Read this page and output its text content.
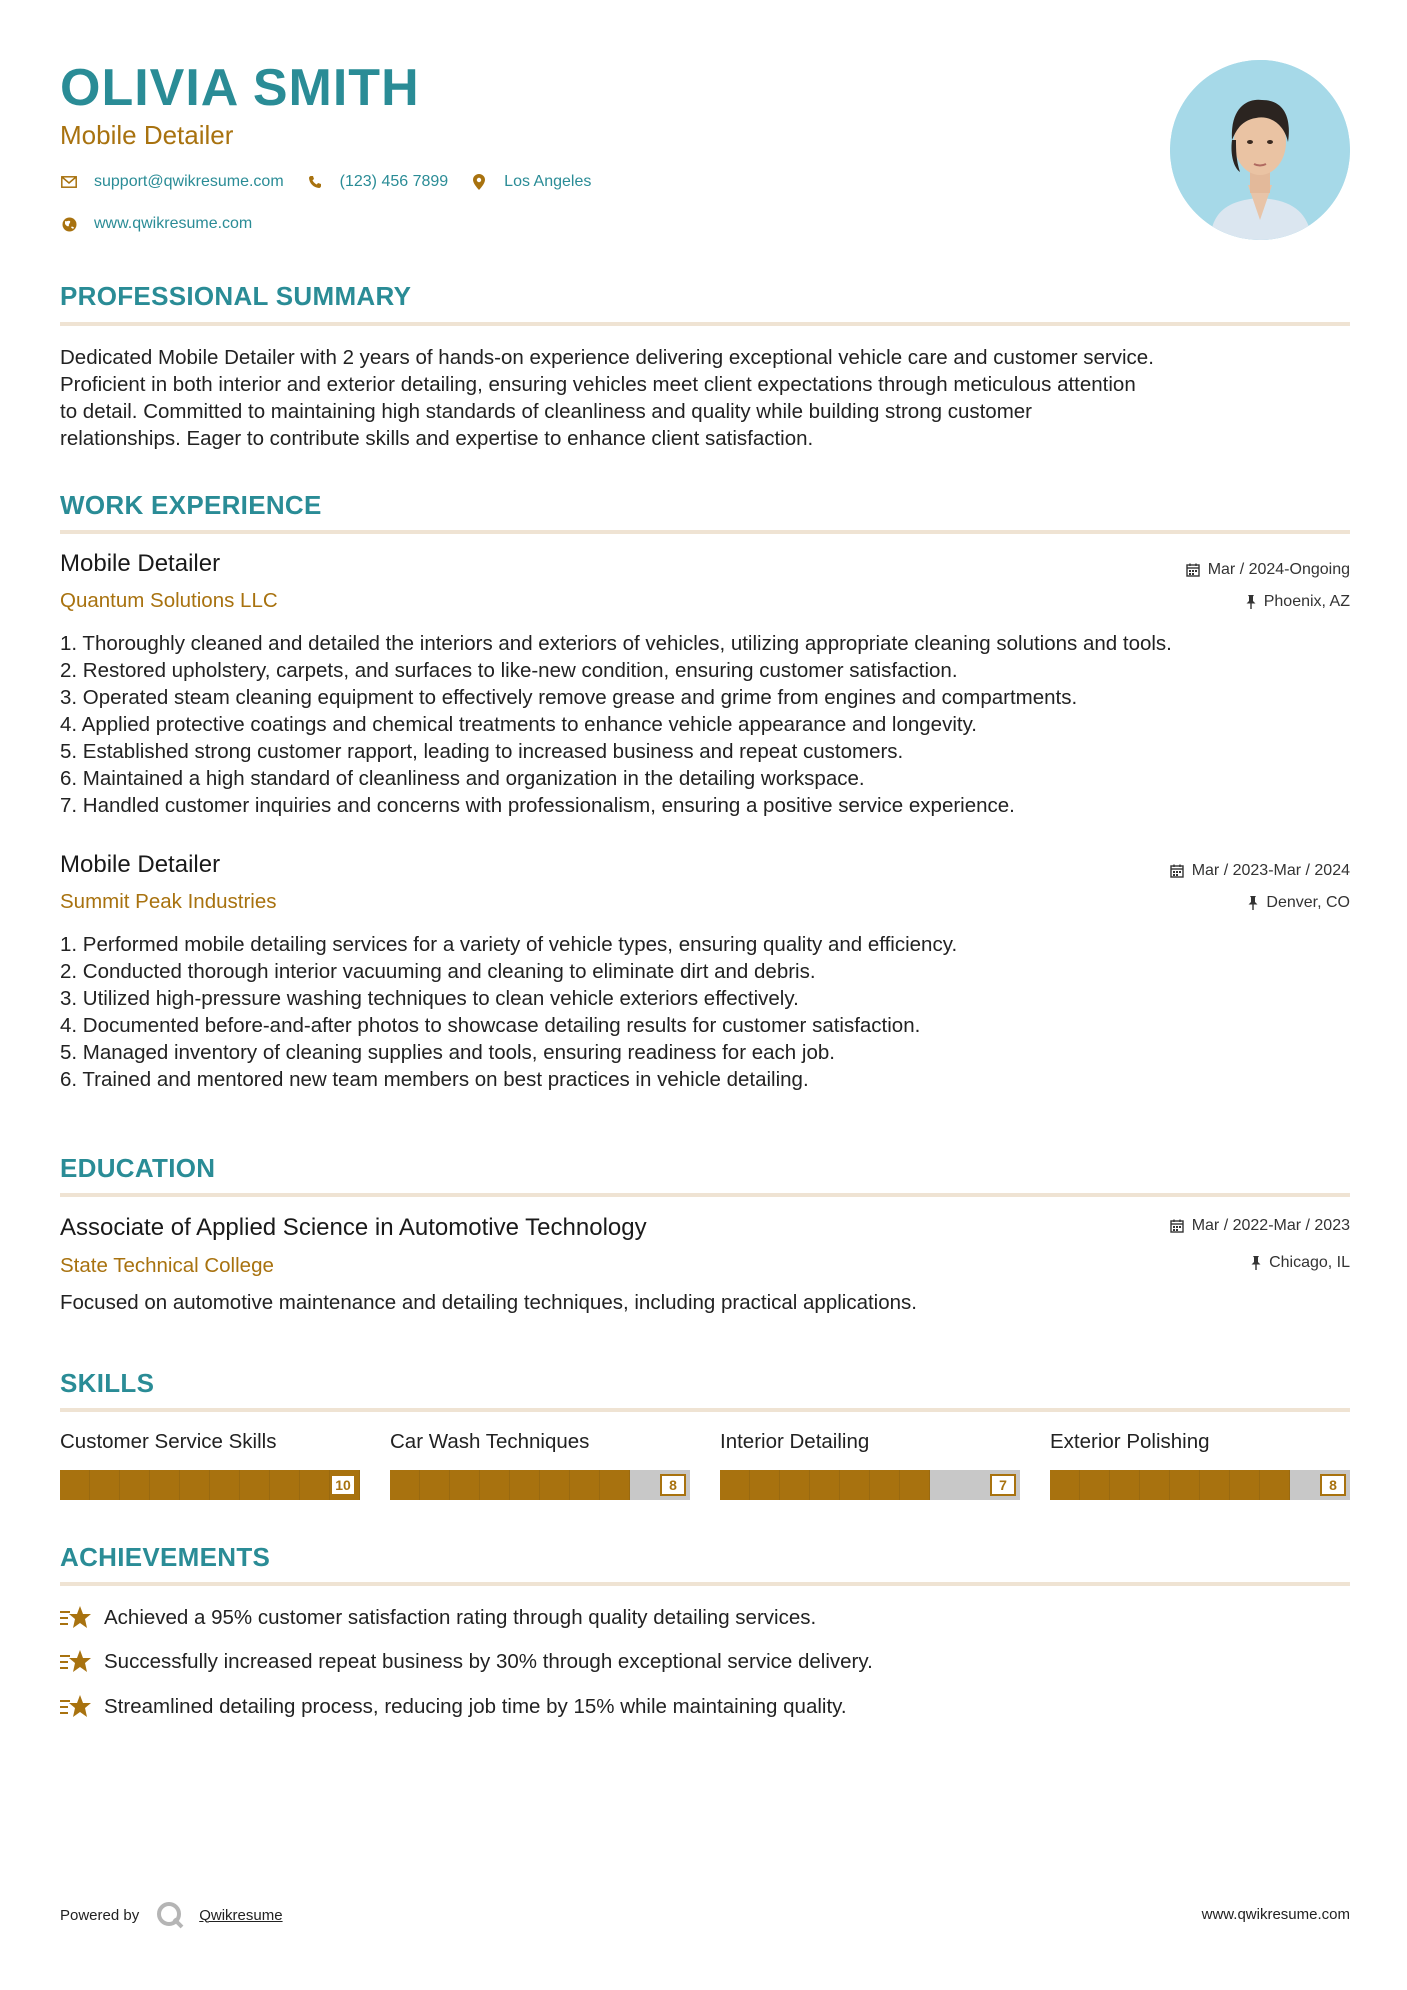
OLIVIA SMITH
Mobile Detailer
support@qwikresume.com	(123) 456 7899	Los Angeles
www.qwikresume.com
PROFESSIONAL SUMMARY
Dedicated Mobile Detailer with 2 years of hands-on experience delivering exceptional vehicle care and customer service.
Proficient in both interior and exterior detailing, ensuring vehicles meet client expectations through meticulous attention
to detail. Committed to maintaining high standards of cleanliness and quality while building strong customer
relationships. Eager to contribute skills and expertise to enhance client satisfaction.
WORK EXPERIENCE
Mobile Detailer	Mar / 2024-Ongoing
Quantum Solutions LLC	Phoenix, AZ
1. Thoroughly cleaned and detailed the interiors and exteriors of vehicles, utilizing appropriate cleaning solutions and tools.
2. Restored upholstery, carpets, and surfaces to like-new condition, ensuring customer satisfaction.
3. Operated steam cleaning equipment to effectively remove grease and grime from engines and compartments.
4. Applied protective coatings and chemical treatments to enhance vehicle appearance and longevity.
5. Established strong customer rapport, leading to increased business and repeat customers.
6. Maintained a high standard of cleanliness and organization in the detailing workspace.
7. Handled customer inquiries and concerns with professionalism, ensuring a positive service experience.
Mobile Detailer	Mar / 2023-Mar / 2024
Summit Peak Industries	Denver, CO
1. Performed mobile detailing services for a variety of vehicle types, ensuring quality and efficiency.
2. Conducted thorough interior vacuuming and cleaning to eliminate dirt and debris.
3. Utilized high-pressure washing techniques to clean vehicle exteriors effectively.
4. Documented before-and-after photos to showcase detailing results for customer satisfaction.
5. Managed inventory of cleaning supplies and tools, ensuring readiness for each job.
6. Trained and mentored new team members on best practices in vehicle detailing.
EDUCATION
Associate of Applied Science in Automotive Technology	Mar / 2022-Mar / 2023
State Technical College	Chicago, IL
Focused on automotive maintenance and detailing techniques, including practical applications.
SKILLS
Customer Service Skills
10
Car Wash Techniques
8
Interior Detailing
7
Exterior Polishing
8
ACHIEVEMENTS
Achieved a 95% customer satisfaction rating through quality detailing services.
Successfully increased repeat business by 30% through exceptional service delivery.
Streamlined detailing process, reducing job time by 15% while maintaining quality.
Powered by	Qwikresume	www.qwikresume.com
